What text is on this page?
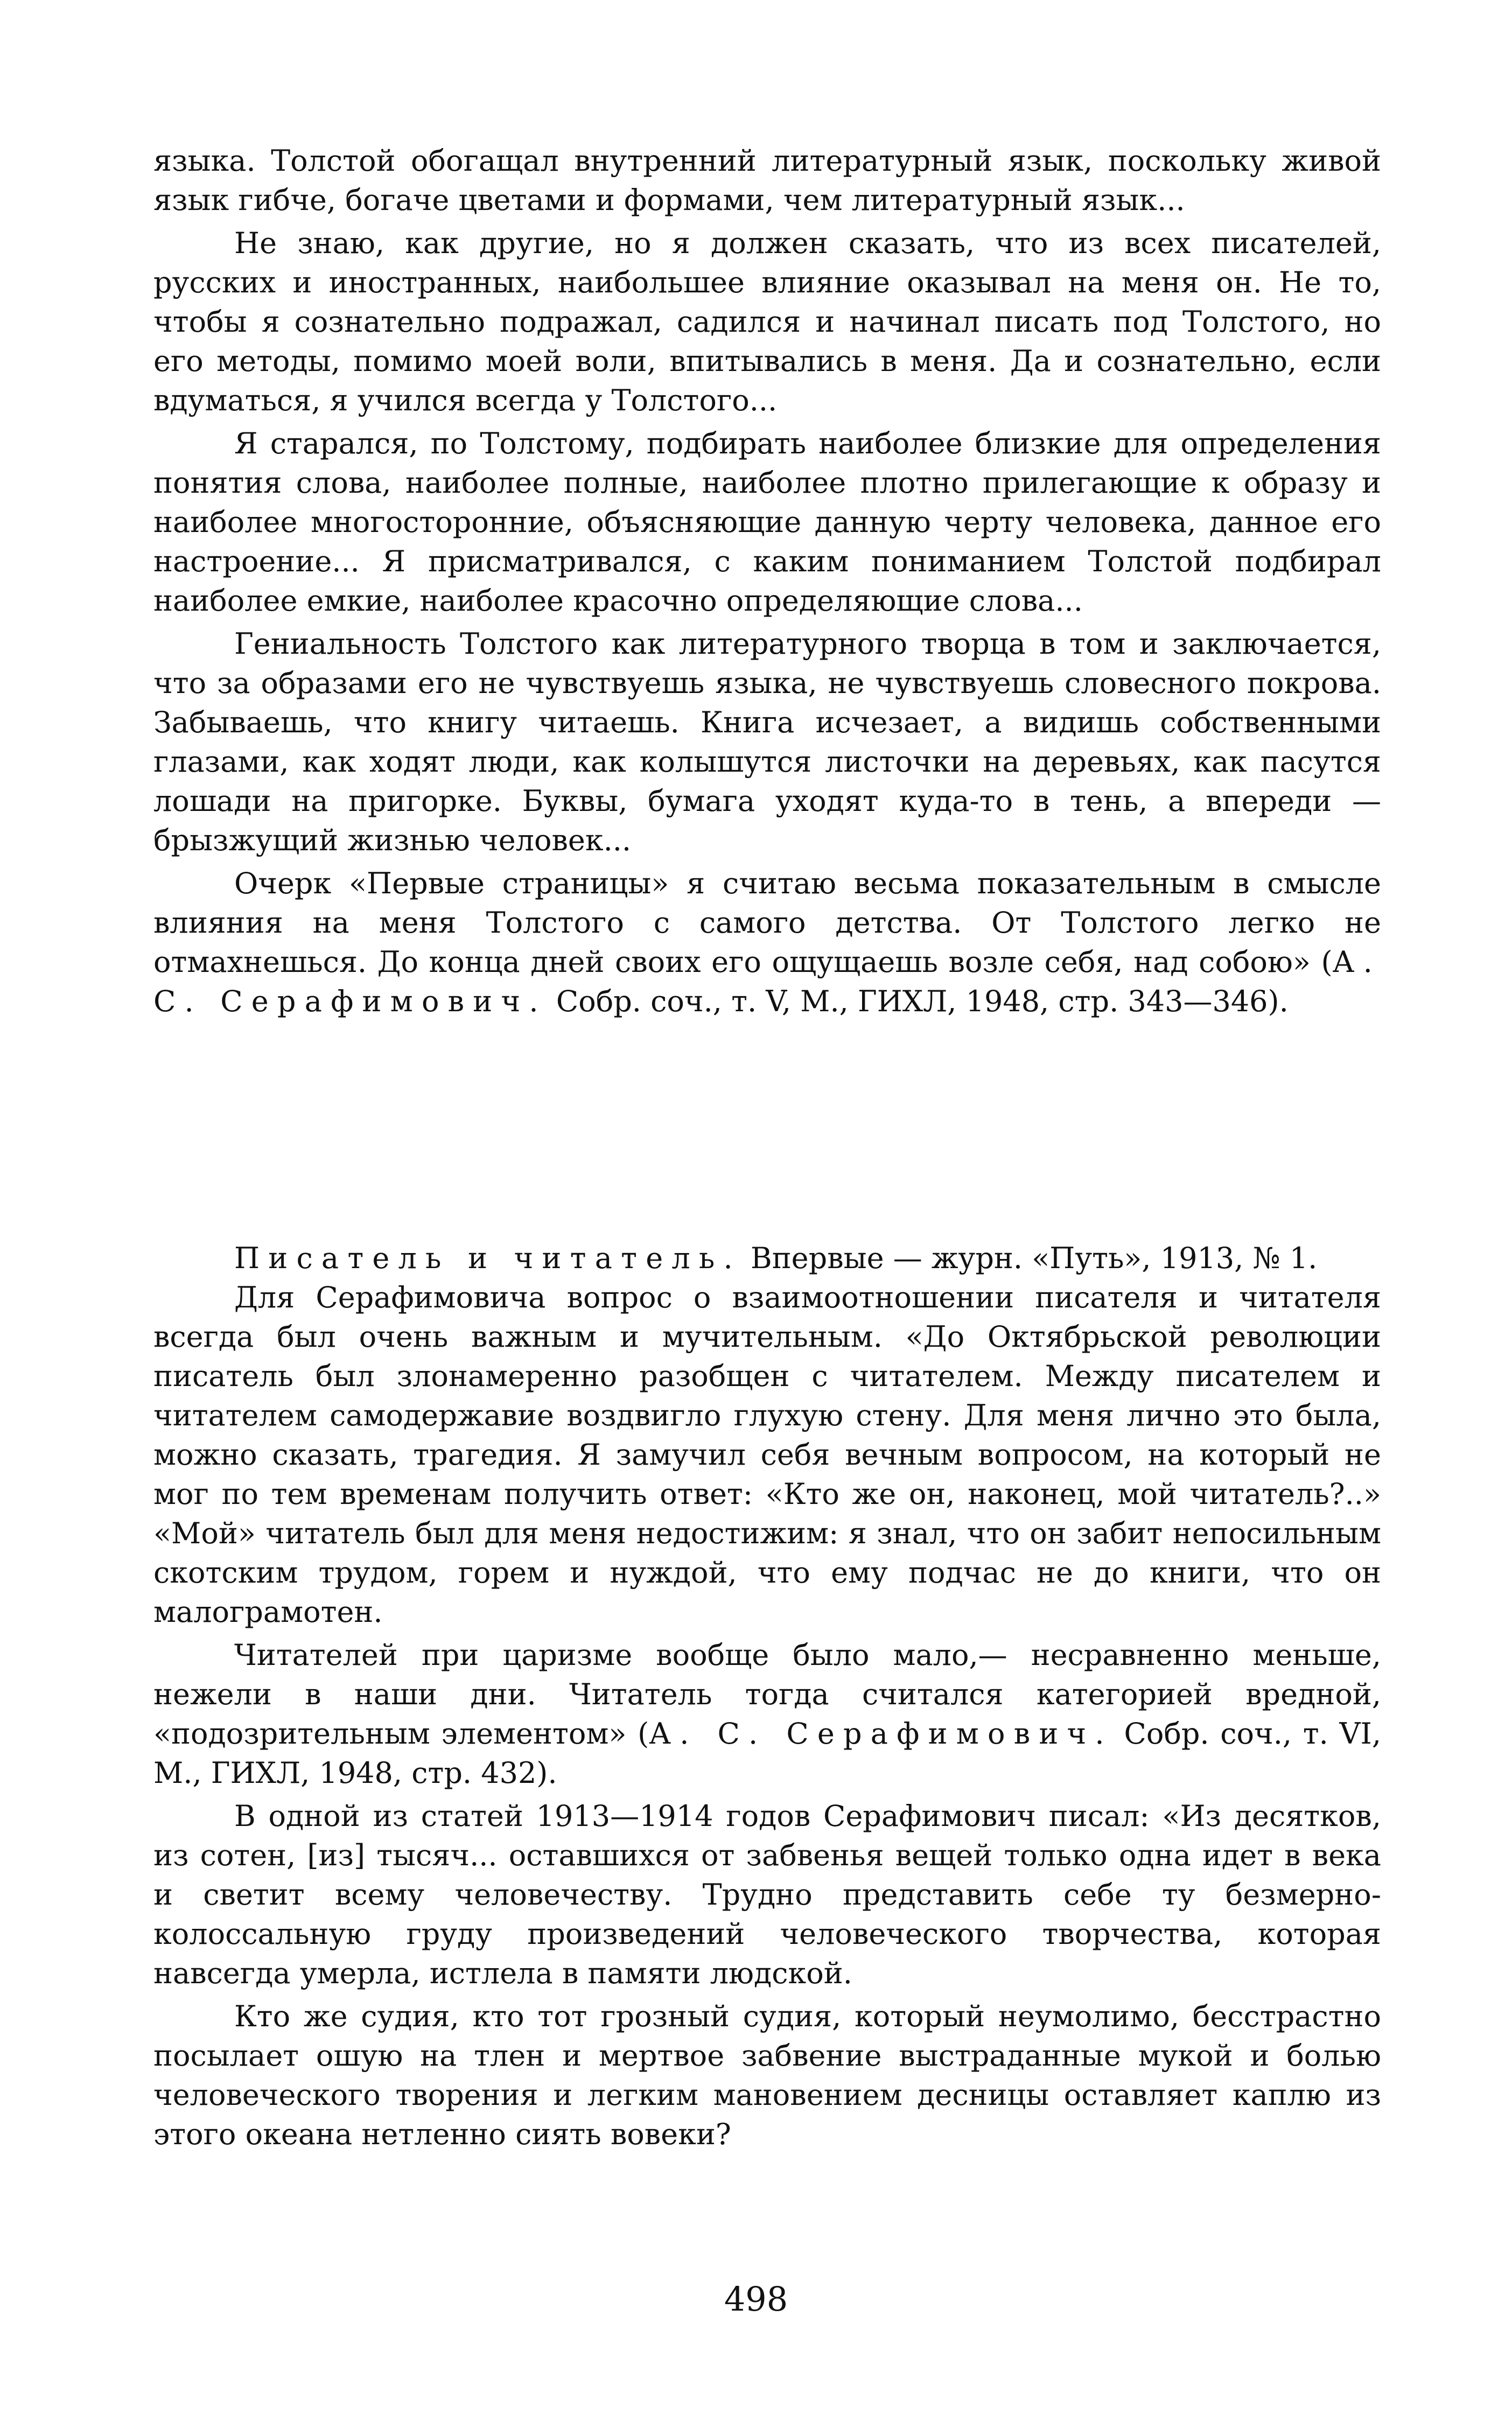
языка. Толстой обогащал внутренний литературный язык, поскольку живой язык гибче, богаче цветами и формами, чем литературный язык...

Не знаю, как другие, но я должен сказать, что из всех писателей, русских и иностранных, наибольшее влияние оказывал на меня он. Не то, чтобы я сознательно подражал, садился и начинал писать под Толстого, но его методы, помимо моей воли, впитывались в меня. Да и сознательно, если вдуматься, я учился всегда у Толстого...

Я старался, по Толстому, подбирать наиболее близкие для определения понятия слова, наиболее полные, наиболее плотно прилегающие к образу и наиболее многосторонние, объясняющие данную черту человека, данное его настроение... Я присматривался, с каким пониманием Толстой подбирал наиболее емкие, наиболее красочно определяющие слова...

Гениальность Толстого как литературного творца в том и заключается, что за образами его не чувствуешь языка, не чувствуешь словесного покрова. Забываешь, что книгу читаешь. Книга исчезает, а видишь собственными глазами, как ходят люди, как колышутся листочки на деревьях, как пасутся лошади на пригорке. Буквы, бумага уходят куда-то в тень, а впереди — брызжущий жизнью человек...

Очерк «Первые страницы» я считаю весьма показательным в смысле влияния на меня Толстого с самого детства. От Толстого легко не отмахнешься. До конца дней своих его ощущаешь возле себя, над собою» (А. С. Серафимович. Собр. соч., т. V, М., ГИХЛ, 1948, стр. 343—346).

Писатель и читатель. Впервые — журн. «Путь», 1913, № 1.

Для Серафимовича вопрос о взаимоотношении писателя и читателя всегда был очень важным и мучительным. «До Октябрьской революции писатель был злонамеренно разобщен с читателем. Между писателем и читателем самодержавие воздвигло глухую стену. Для меня лично это была, можно сказать, трагедия. Я замучил себя вечным вопросом, на который не мог по тем временам получить ответ: «Кто же он, наконец, мой читатель?..» «Мой» читатель был для меня недостижим: я знал, что он забит непосильным скотским трудом, горем и нуждой, что ему подчас не до книги, что он малограмотен.

Читателей при царизме вообще было мало,— несравненно меньше, нежели в наши дни. Читатель тогда считался категорией вредной, «подозрительным элементом» (А. С. Серафимович. Собр. соч., т. VI, М., ГИХЛ, 1948, стр. 432).

В одной из статей 1913—1914 годов Серафимович писал: «Из десятков, из сотен, [из] тысяч... оставшихся от забвенья вещей только одна идет в века и светит всему человечеству. Трудно представить себе ту безмерно-колоссальную груду произведений человеческого творчества, которая навсегда умерла, истлела в памяти людской.

Кто же судия, кто тот грозный судия, который неумолимо, бесстрастно посылает ошую на тлен и мертвое забвение выстраданные мукой и болью человеческого творения и легким мановением десницы оставляет каплю из этого океана нетленно сиять вовеки?

498
